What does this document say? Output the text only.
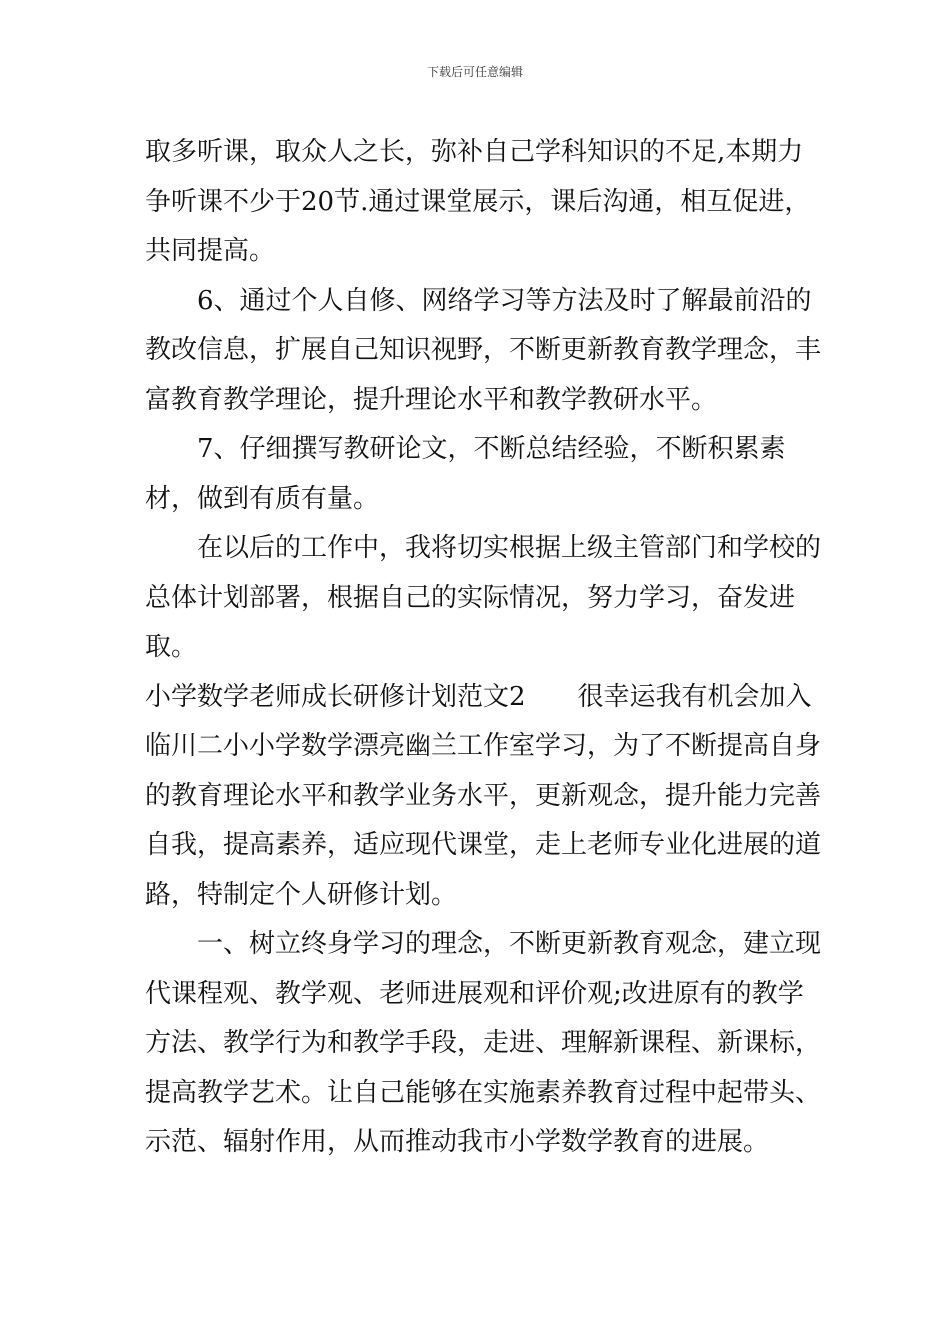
下载后可任意编辑

取多听课，取众人之长，弥补自己学科知识的不足,本期力争听课不少于20节.通过课堂展示，课后沟通，相互促进，共同提高。

6、通过个人自修、网络学习等方法及时了解最前沿的教改信息，扩展自己知识视野，不断更新教育教学理念，丰富教育教学理论，提升理论水平和教学教研水平。

7、仔细撰写教研论文，不断总结经验，不断积累素材，做到有质有量。

在以后的工作中，我将切实根据上级主管部门和学校的总体计划部署，根据自己的实际情况，努力学习，奋发进取。

小学数学老师成长研修计划范文2　　很幸运我有机会加入临川二小小学数学漂亮幽兰工作室学习，为了不断提高自身的教育理论水平和教学业务水平，更新观念，提升能力完善自我，提高素养，适应现代课堂，走上老师专业化进展的道路，特制定个人研修计划。

一、树立终身学习的理念，不断更新教育观念，建立现代课程观、教学观、老师进展观和评价观;改进原有的教学方法、教学行为和教学手段，走进、理解新课程、新课标，提高教学艺术。让自己能够在实施素养教育过程中起带头、示范、辐射作用，从而推动我市小学数学教育的进展。
